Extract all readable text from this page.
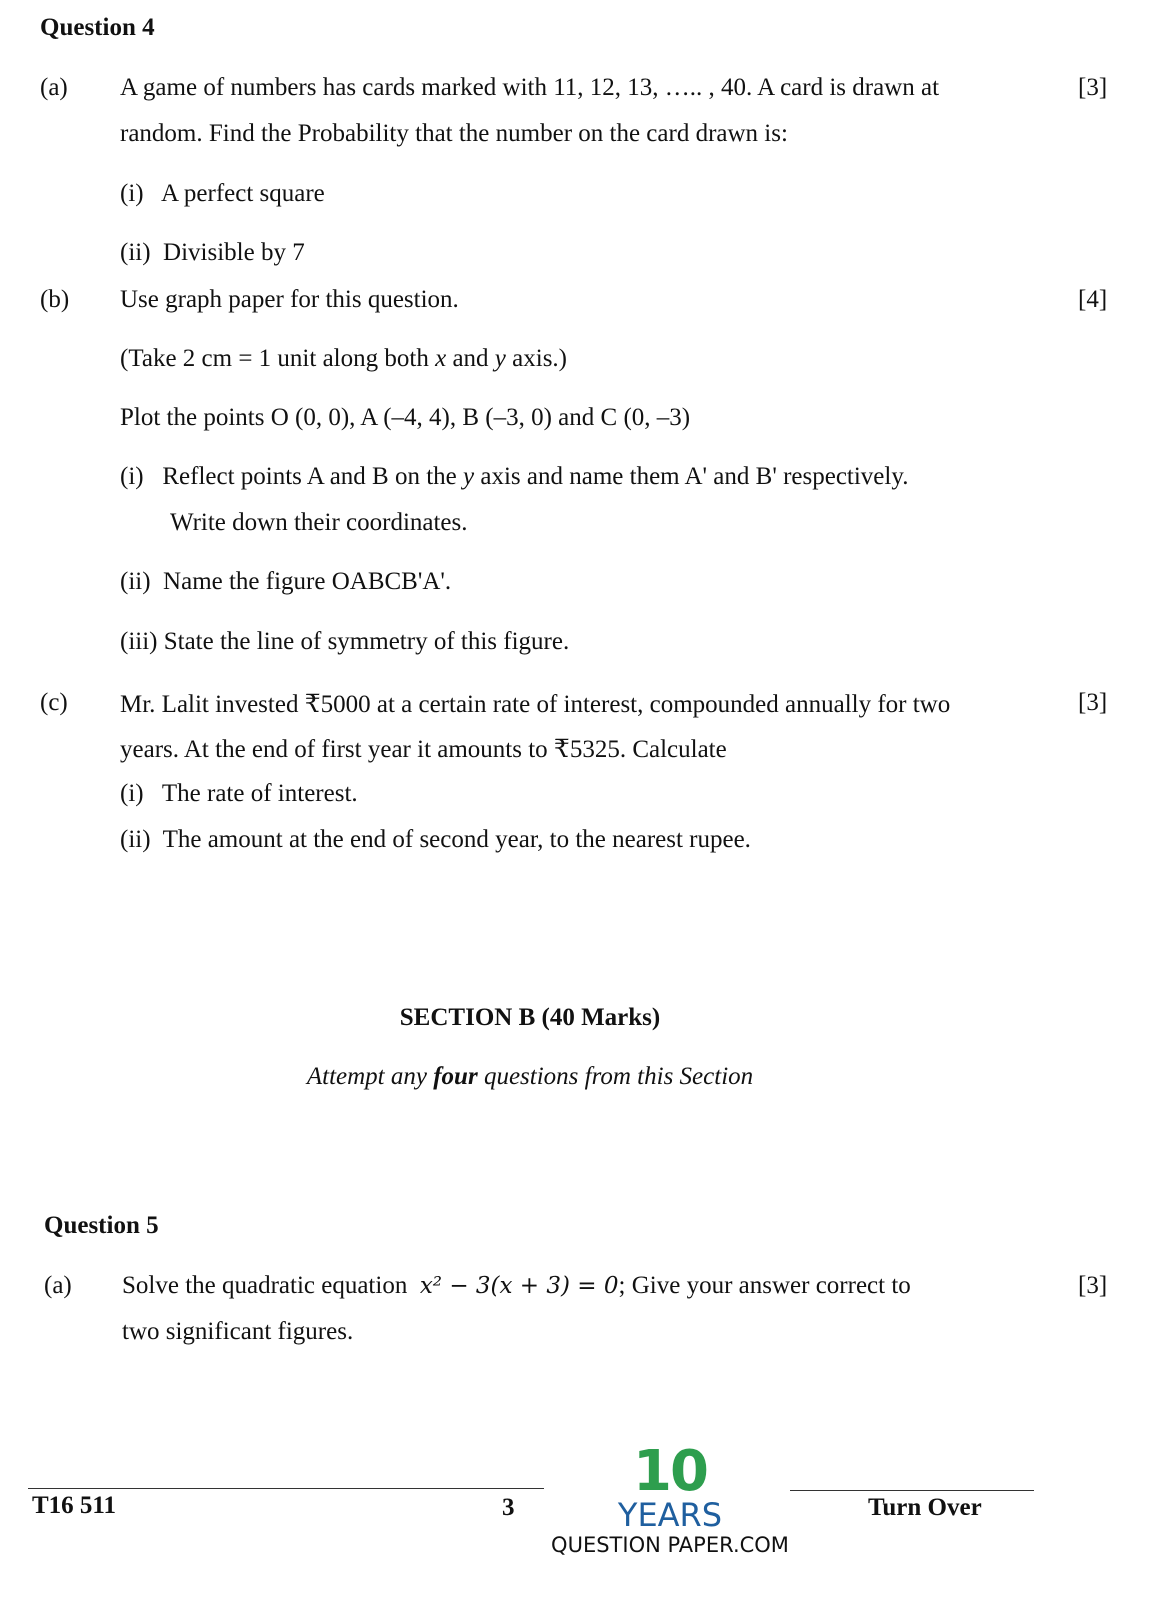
Question 4
(a) A game of numbers has cards marked with 11, 12, 13, ….. , 40. A card is drawn at	[3]
random. Find the Probability that the number on the card drawn is:
(i)   A perfect square
(ii)  Divisible by 7
(b) Use graph paper for this question.	[4]
(Take 2 cm = 1 unit along both x and y axis.)
Plot the points O (0, 0), A (–4, 4), B (–3, 0) and C (0, –3)
(i)   Reflect points A and B on the y axis and name them A' and B' respectively.
Write down their coordinates.
(ii)  Name the figure OABCB'A'.
(iii) State the line of symmetry of this figure.
(c) Mr. Lalit invested ₹5000 at a certain rate of interest, compounded annually for two	[3]
years. At the end of first year it amounts to ₹5325. Calculate
(i)   The rate of interest.
(ii)  The amount at the end of second year, to the nearest rupee.
SECTION B (40 Marks)
Attempt any four questions from this Section
Question 5
(a) Solve the quadratic equation  x² − 3(x + 3) = 0; Give your answer correct to	[3]
two significant figures.
T16 511	3	Turn Over
10
YEARS
QUESTION PAPER.COM
